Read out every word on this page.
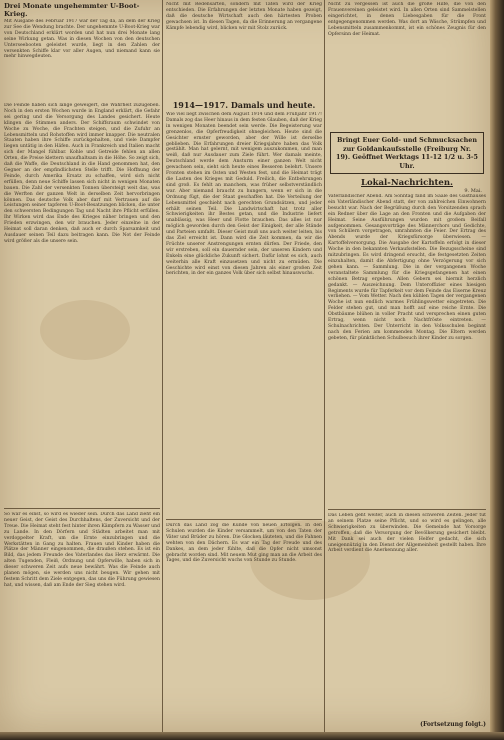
Drei Monate ungehemmter U-Boot-Krieg.

Mit Ausgabe des Februar 1917 war der Tag da, an dem der Krieg zur See die Wendung brachte. Der ungehemmte U-Boot-Krieg war von Deutschland erklärt worden und hat nun drei Monate lang seine Wirkung getan. Was in diesen Wochen von den deutschen Unterseebooten geleistet wurde, liegt in den Zahlen der versenkten Schiffe klar vor aller Augen, und niemand kann sie mehr hinwegdeuten.

Die Feinde haben sich lange geweigert, die Wahrheit zuzugeben. Noch in den ersten Wochen wurde in England erklärt, die Gefahr sei gering und die Versorgung des Landes gesichert. Heute klingen die Stimmen anders. Der Schiffsraum schwindet von Woche zu Woche, die Frachten steigen, und die Zufuhr an Lebensmitteln und Rohstoffen wird immer knapper. Die neutralen Staaten haben ihre Schiffe zurückgehalten, und viele Dampfer liegen untätig in den Häfen. Auch in Frankreich und Italien macht sich der Mangel fühlbar. Kohle und Getreide fehlen an allen Orten, die Preise klettern unaufhaltsam in die Höhe. So zeigt sich, daß die Waffe, die Deutschland in die Hand genommen hat, den Gegner an der empfindlichsten Stelle trifft. Die Hoffnung der Feinde, durch Amerika Ersatz zu schaffen, wird sich nicht erfüllen, denn neue Schiffe lassen sich nicht in wenigen Monaten bauen. Die Zahl der versenkten Tonnen übersteigt weit das, was die Werften der ganzen Welt in derselben Zeit hervorbringen können. Das deutsche Volk aber darf mit Vertrauen auf die Leistungen seiner tapferen U-Boot-Besatzungen blicken, die unter den schwersten Bedingungen Tag und Nacht ihre Pflicht erfüllen. Ihr Wirken wird das Ende des Krieges näher bringen und den Frieden erzwingen, den wir brauchen. Jeder einzelne in der Heimat soll daran denken, daß auch er durch Sparsamkeit und Ausdauer seinen Teil dazu beitragen kann. Die Not der Feinde wird größer als die unsere sein.

So war es einst, so wird es wieder sein. Durch das Land zieht ein neuer Geist, der Geist des Durchhaltens, der Zuversicht und der Treue. Die Heimat steht fest hinter ihren Kämpfern zu Wasser und zu Lande. In den Dörfern und Städten arbeitet man mit verdoppelter Kraft, um die Ernte einzubringen und die Werkstätten in Gang zu halten. Frauen und Kinder haben die Plätze der Männer eingenommen, die draußen stehen. Es ist ein Bild, das jedem Freunde des Vaterlandes das Herz erwärmt. Die alten Tugenden, Fleiß, Ordnung und Opferwille, haben sich in dieser schweren Zeit aufs neue bewährt. Was die Feinde auch planen mögen, sie werden uns nicht beugen. Wir gehen mit festem Schritt dem Ziele entgegen, das uns die Führung gewiesen hat, und wissen, daß am Ende der Sieg stehen wird.

Nicht mit Redensarten, sondern mit Taten wird der Krieg entschieden. Die Erfahrungen der letzten Monate haben gezeigt, daß die deutsche Wirtschaft auch den härtesten Proben gewachsen ist. In diesen Tagen, da die Erinnerung an vergangene Kämpfe lebendig wird, blicken wir mit Stolz zurück.

1914—1917. Damals und heute.

Wie viel liegt zwischen dem August 1914 und dem Frühjahr 1917! Damals zog das Heer hinaus in dem festen Glauben, daß der Krieg in wenigen Monaten beendet sein werde. Die Begeisterung war grenzenlos, die Opferfreudigkeit ohnegleichen. Heute sind die Gesichter ernster geworden, aber der Wille ist derselbe geblieben. Die Erfahrungen dreier Kriegsjahre haben das Volk gestählt. Man hat gelernt, mit wenigem auszukommen, und man weiß, daß nur Ausdauer zum Ziele führt. Wer damals meinte, Deutschland werde dem Ansturm einer ganzen Welt nicht gewachsen sein, sieht sich heute eines Besseren belehrt. Unsere Fronten stehen im Osten und Westen fest, und die Heimat trägt die Lasten des Krieges mit Geduld. Freilich, die Entbehrungen sind groß. Es fehlt an manchem, was früher selbstverständlich war. Aber niemand braucht zu hungern, wenn er sich in die Ordnung fügt, die der Staat geschaffen hat. Die Verteilung der Lebensmittel geschieht nach gerechten Grundsätzen, und jeder erhält seinen Teil. Die Landwirtschaft hat trotz aller Schwierigkeiten ihr Bestes getan, und die Industrie liefert unablässig, was Heer und Flotte brauchen. Das alles ist nur möglich geworden durch den Geist der Einigkeit, der alle Stände und Parteien umfaßt. Dieser Geist muß uns auch weiter leiten, bis das Ziel erreicht ist. Dann wird die Zeit kommen, da wir die Früchte unserer Anstrengungen ernten dürfen. Der Friede, den wir erstreben, soll ein dauernder sein, der unseren Kindern und Enkeln eine glückliche Zukunft sichert. Dafür lohnt es sich, auch weiterhin alle Kraft einzusetzen und nicht zu ermüden. Die Geschichte wird einst von diesen Jahren als einer großen Zeit berichten, in der ein ganzes Volk über sich selbst hinauswuchs.

Durch das Land zog die Kunde von neuen Erfolgen. In den Schulen wurden die Kinder versammelt, um von den Taten der Väter und Brüder zu hören. Die Glocken läuteten, und die Fahnen wehten von den Dächern. Es war ein Tag der Freude und des Dankes, an dem jeder fühlte, daß die Opfer nicht umsonst gebracht worden sind. Mit neuem Mut ging man an die Arbeit des Tages, und die Zuversicht wuchs von Stunde zu Stunde.

Nicht zu vergessen ist auch die große Hilfe, die von den Frauenvereinen geleistet wird. In allen Orten sind Sammelstellen eingerichtet, in denen Liebesgaben für die Front entgegengenommen werden. Was dort an Wäsche, Strümpfen und Lebensmitteln zusammenkommt, ist ein schönes Zeugnis für den Opfersinn der Heimat.

Bringt Euer Gold- und Schmucksachen zur Goldankaufsstelle (Freiburg Nr. 19). Geöffnet Werktags 11-12 1/2 u. 3-5 Uhr.
Lokal-Nachrichten.
9. Mai.

Vaterländischer Abend. Am Sonntag fand im Saale des Gasthauses ein Vaterländischer Abend statt, der von zahlreichen Einwohnern besucht war. Nach der Begrüßung durch den Vorsitzenden sprach ein Redner über die Lage an den Fronten und die Aufgaben der Heimat. Seine Ausführungen wurden mit großem Beifall aufgenommen. Gesangsvorträge des Männerchors und Gedichte, von Schülern vorgetragen, umrahmten die Feier. Der Ertrag des Abends wurde der Kriegsfürsorge überwiesen. — Kartoffelversorgung. Die Ausgabe der Kartoffeln erfolgt in dieser Woche in den bekannten Verkaufsstellen. Die Bezugsscheine sind mitzubringen. Es wird dringend ersucht, die festgesetzten Zeiten einzuhalten, damit die Abfertigung ohne Verzögerung vor sich gehen kann. — Sammlung. Die in der vergangenen Woche veranstaltete Sammlung für die Kriegsgefangenen hat einen schönen Betrag ergeben. Allen Gebern sei hiermit herzlich gedankt. — Auszeichnung. Dem Unteroffizier eines hiesigen Regiments wurde für Tapferkeit vor dem Feinde das Eiserne Kreuz verliehen. — Vom Wetter. Nach den kühlen Tagen der vergangenen Woche ist nun endlich warmes Frühlingswetter eingetreten. Die Felder stehen gut, und man hofft auf eine reiche Ernte. Die Obstbäume blühen in voller Pracht und versprechen einen guten Ertrag, wenn nicht noch Nachtfröste eintreten. — Schulnachrichten. Der Unterricht in den Volksschulen beginnt nach den Ferien am kommenden Montag. Die Eltern werden gebeten, für pünktlichen Schulbesuch ihrer Kinder zu sorgen.

Das Leben geht weiter, auch in diesen schweren Zeiten. Jeder tut an seinem Platze seine Pflicht, und so wird es gelingen, alle Schwierigkeiten zu überwinden. Die Gemeinde hat Vorsorge getroffen, daß die Versorgung der Bevölkerung gesichert bleibt. Mit Dank sei auch der vielen Helfer gedacht, die sich uneigennützig in den Dienst der Allgemeinheit gestellt haben. Ihre Arbeit verdient die Anerkennung aller.

(Fortsetzung folgt.)
